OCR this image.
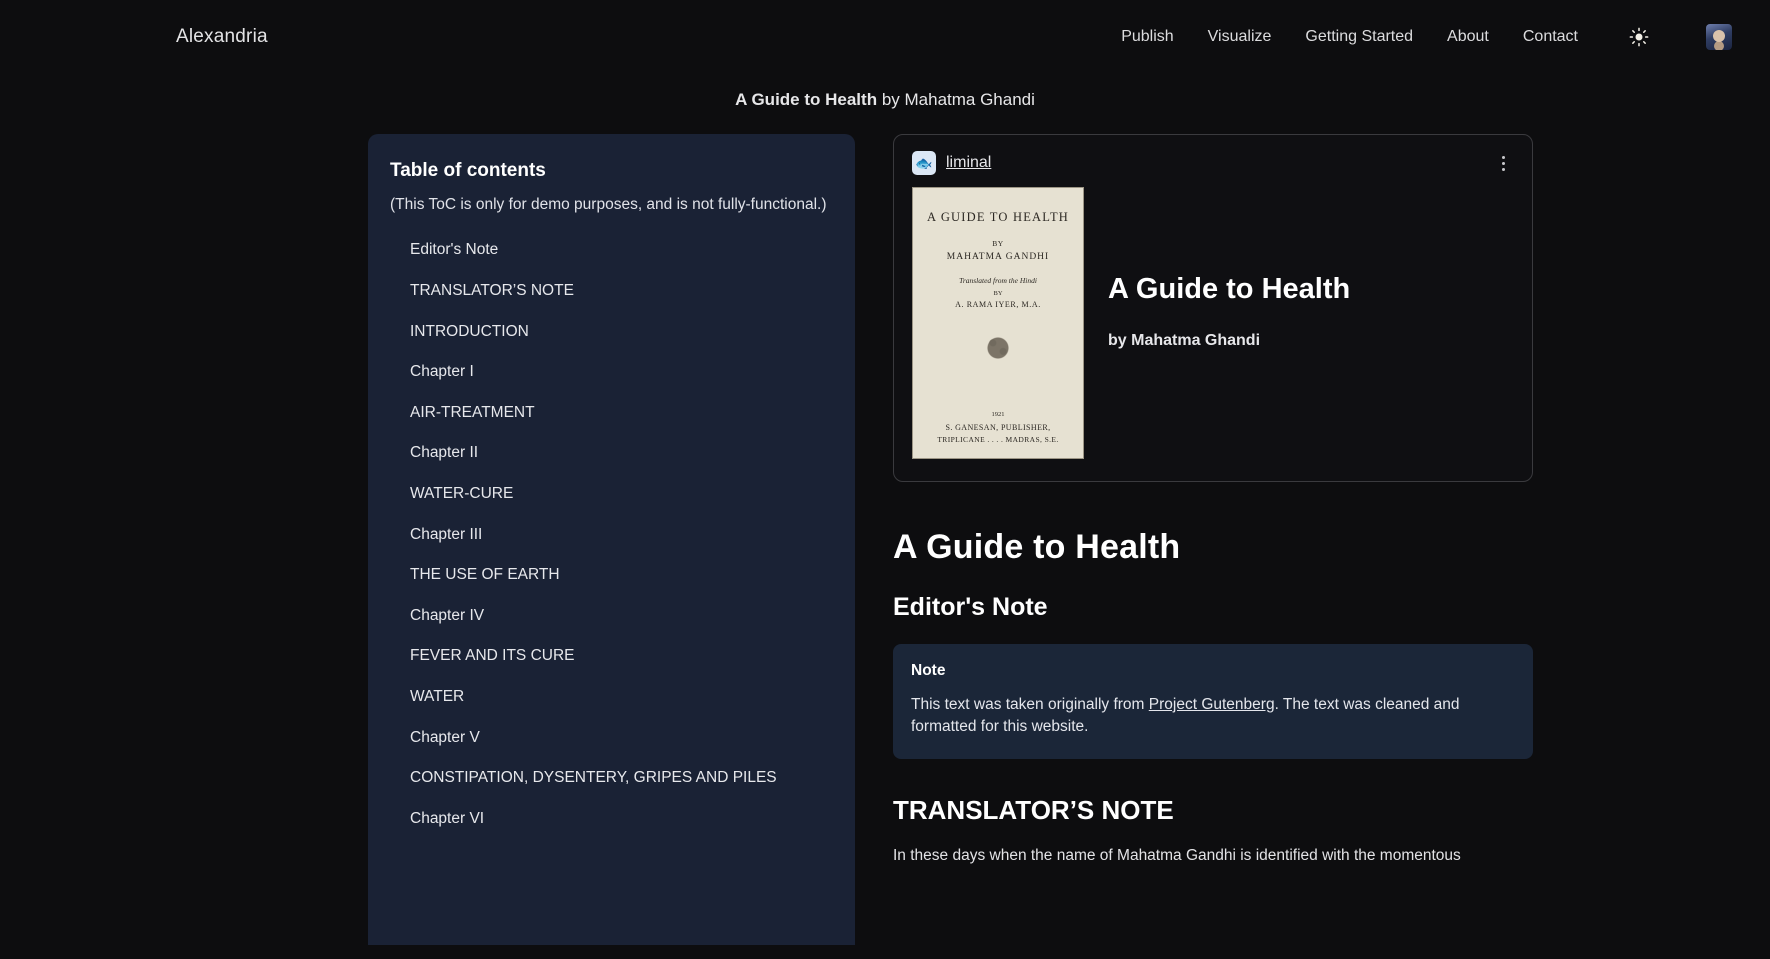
Alexandria	Publish Visualize Getting Started About Contact
A Guide to Health by Mahatma Ghandi
Table of contents
(This ToC is only for demo purposes, and is not fully-functional.)
Editor's Note
TRANSLATOR’S NOTE
INTRODUCTION
Chapter I
AIR-TREATMENT
Chapter II
WATER-CURE
Chapter III
THE USE OF EARTH
Chapter IV
FEVER AND ITS CURE
WATER
Chapter V
CONSTIPATION, DYSENTERY, GRIPES AND PILES
Chapter VI
🐟 liminal
A GUIDE TO HEALTH
BY
MAHATMA GANDHI
Translated from the Hindi
BY
A. RAMA IYER, M.A.
1921
S. GANESAN, PUBLISHER,
TRIPLICANE . . . . MADRAS, S.E.
A Guide to Health
by Mahatma Ghandi
A Guide to Health
Editor's Note
Note
This text was taken originally from Project Gutenberg. The text was cleaned and formatted for this website.
TRANSLATOR’S NOTE

In these days when the name of Mahatma Gandhi is identified with the momentous
